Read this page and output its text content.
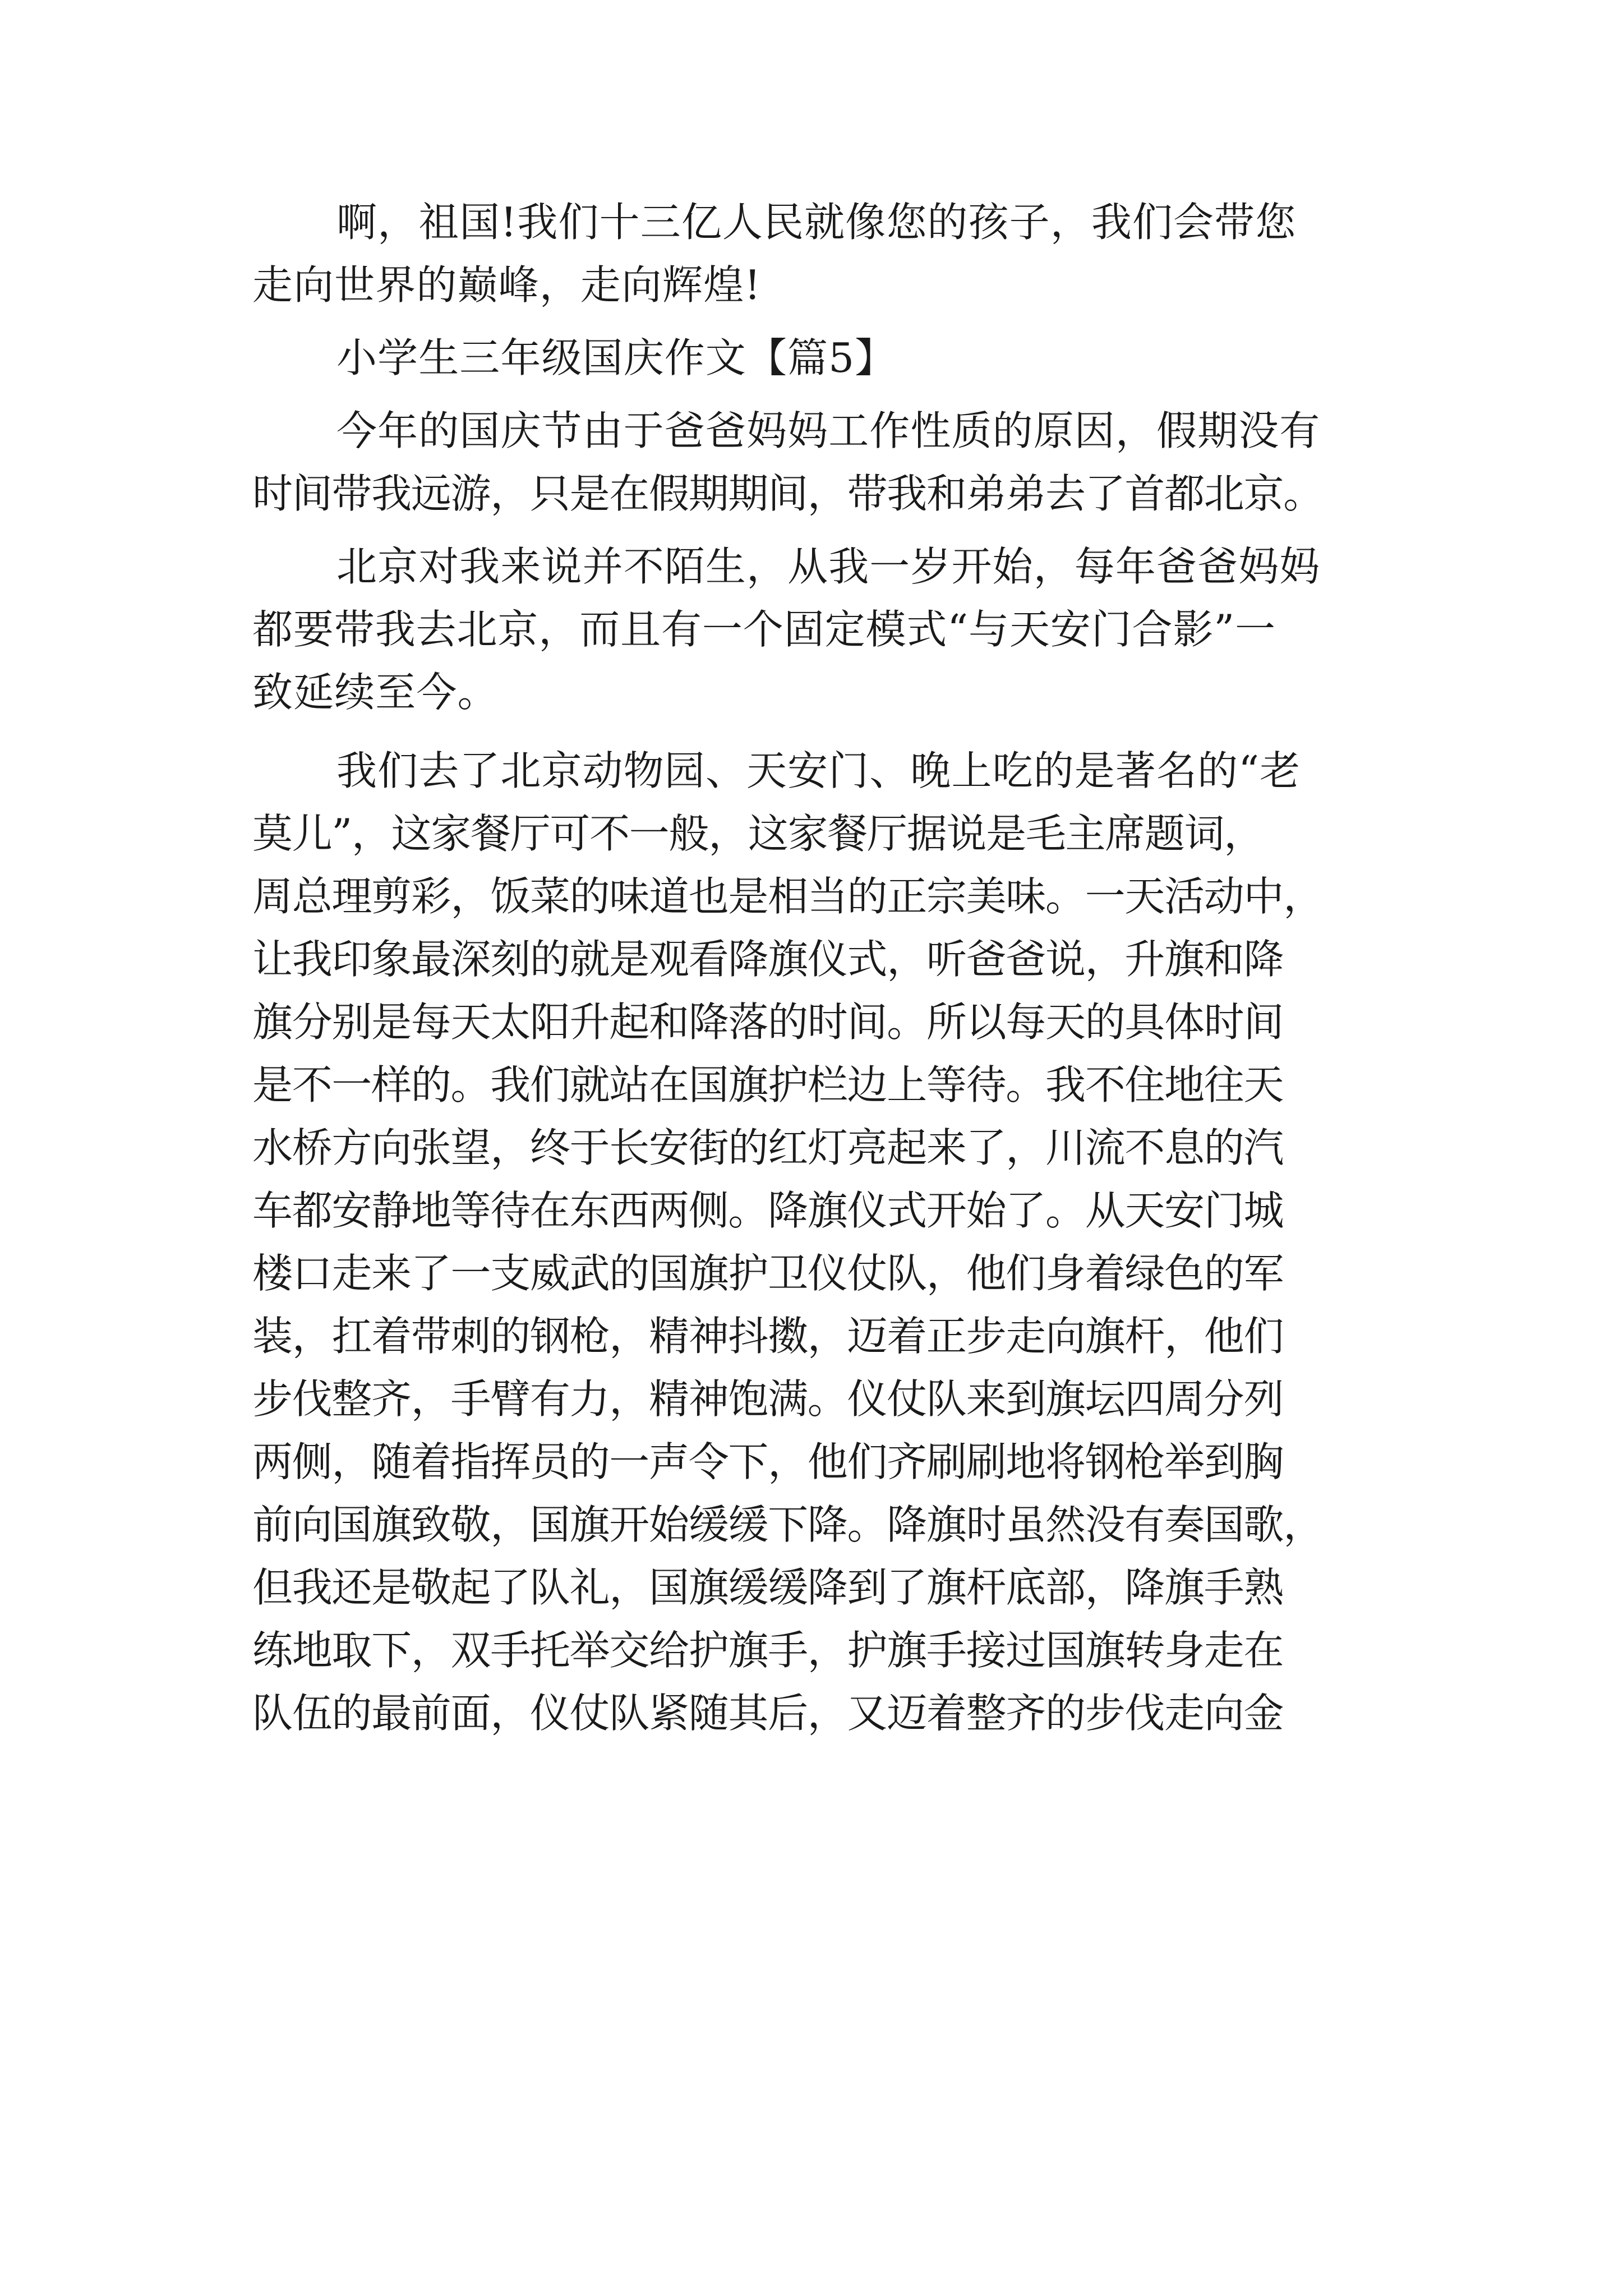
啊，祖国!我们十三亿人民就像您的孩子，我们会带您
走向世界的巅峰，走向辉煌!
小学生三年级国庆作文【篇5】
今年的国庆节由于爸爸妈妈工作性质的原因，假期没有
时间带我远游，只是在假期期间，带我和弟弟去了首都北京。
北京对我来说并不陌生，从我一岁开始，每年爸爸妈妈
都要带我去北京，而且有一个固定模式“与天安门合影”一
致延续至今。
我们去了北京动物园、天安门、晚上吃的是著名的“老
莫儿”，这家餐厅可不一般，这家餐厅据说是毛主席题词，
周总理剪彩，饭菜的味道也是相当的正宗美味。一天活动中，
让我印象最深刻的就是观看降旗仪式，听爸爸说，升旗和降
旗分别是每天太阳升起和降落的时间。所以每天的具体时间
是不一样的。我们就站在国旗护栏边上等待。我不住地往天
水桥方向张望，终于长安街的红灯亮起来了，川流不息的汽
车都安静地等待在东西两侧。降旗仪式开始了。从天安门城
楼口走来了一支威武的国旗护卫仪仗队，他们身着绿色的军
装，扛着带刺的钢枪，精神抖擞，迈着正步走向旗杆，他们
步伐整齐，手臂有力，精神饱满。仪仗队来到旗坛四周分列
两侧，随着指挥员的一声令下，他们齐刷刷地将钢枪举到胸
前向国旗致敬，国旗开始缓缓下降。降旗时虽然没有奏国歌，
但我还是敬起了队礼，国旗缓缓降到了旗杆底部，降旗手熟
练地取下，双手托举交给护旗手，护旗手接过国旗转身走在
队伍的最前面，仪仗队紧随其后，又迈着整齐的步伐走向金
